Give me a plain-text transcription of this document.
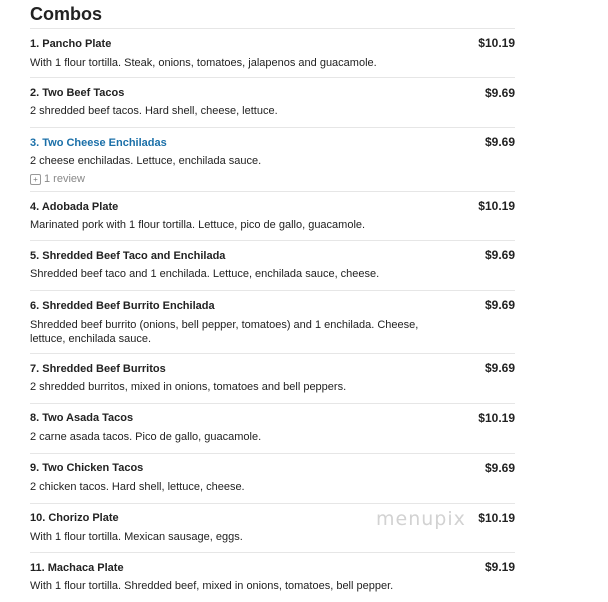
Combos
1. Pancho Plate	$10.19
With 1 flour tortilla. Steak, onions, tomatoes, jalapenos and guacamole.
2. Two Beef Tacos	$9.69
2 shredded beef tacos. Hard shell, cheese, lettuce.
3. Two Cheese Enchiladas	$9.69
2 cheese enchiladas. Lettuce, enchilada sauce.
+ 1 review
4. Adobada Plate	$10.19
Marinated pork with 1 flour tortilla. Lettuce, pico de gallo, guacamole.
5. Shredded Beef Taco and Enchilada	$9.69
Shredded beef taco and 1 enchilada. Lettuce, enchilada sauce, cheese.
6. Shredded Beef Burrito Enchilada	$9.69
Shredded beef burrito (onions, bell pepper, tomatoes) and 1 enchilada. Cheese, lettuce, enchilada sauce.
7. Shredded Beef Burritos	$9.69
2 shredded burritos, mixed in onions, tomatoes and bell peppers.
8. Two Asada Tacos	$10.19
2 carne asada tacos. Pico de gallo, guacamole.
9. Two Chicken Tacos	$9.69
2 chicken tacos. Hard shell, lettuce, cheese.
10. Chorizo Plate	$10.19
With 1 flour tortilla. Mexican sausage, eggs.
11. Machaca Plate	$9.19
With 1 flour tortilla. Shredded beef, mixed in onions, tomatoes, bell pepper.
menupix
